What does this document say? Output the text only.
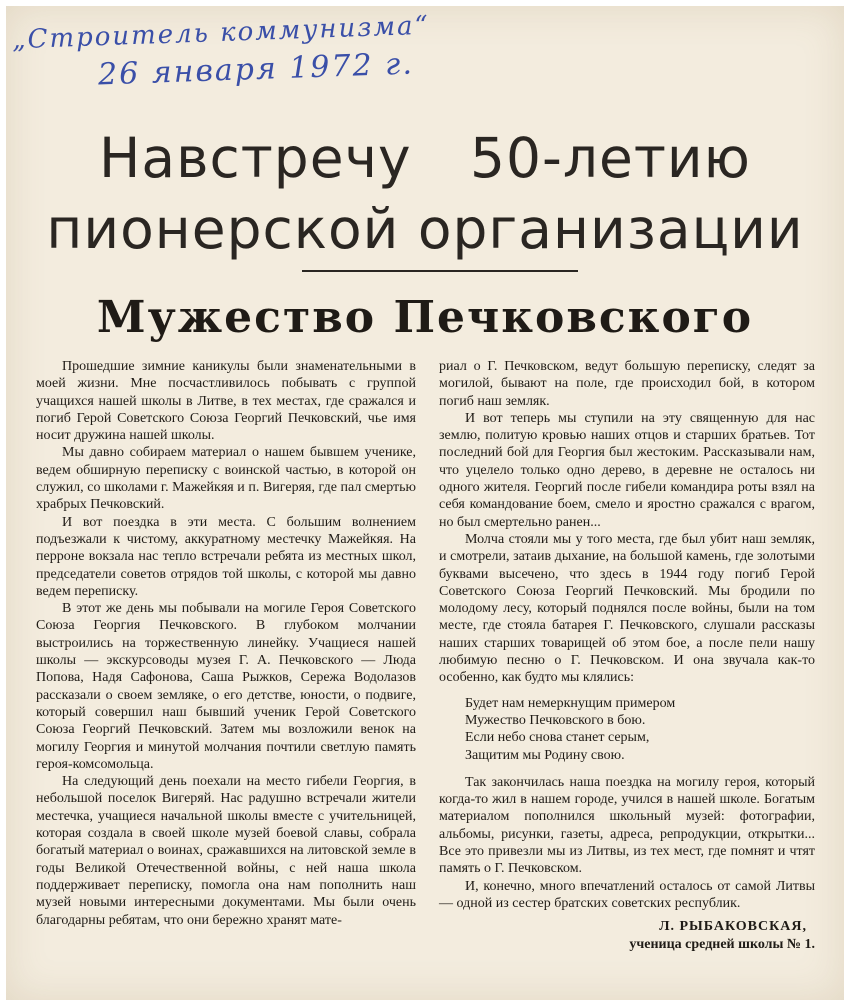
„Строитель коммунизма“
26 января 1972 г.
Навстречу 50-летию
пионерской организации
Мужество Печковского

Прошедшие зимние каникулы были знаменательными в моей жизни. Мне посчастливилось побывать с группой учащихся нашей школы в Литве, в тех местах, где сражался и погиб Герой Советского Союза Георгий Печковский, чье имя носит дружина нашей школы.

Мы давно собираем материал о нашем бывшем ученике, ведем обширную переписку с воинской частью, в которой он служил, со школами г. Мажейкяя и п. Вигеряя, где пал смертью храбрых Печковский.

И вот поездка в эти места. С большим волнением подъезжали к чистому, аккуратному местечку Мажейкяя. На перроне вокзала нас тепло встречали ребята из местных школ, председатели советов отрядов той школы, с которой мы давно ведем переписку.

В этот же день мы побывали на могиле Героя Советского Союза Георгия Печковского. В глубоком молчании выстроились на торжественную линейку. Учащиеся нашей школы — экскурсоводы музея Г. А. Печковского — Люда Попова, Надя Сафонова, Саша Рыжков, Сережа Водолазов рассказали о своем земляке, о его детстве, юности, о подвиге, который совершил наш бывший ученик Герой Советского Союза Георгий Печковский. Затем мы возложили венок на могилу Георгия и минутой молчания почтили светлую память героя-комсомольца.

На следующий день поехали на место гибели Георгия, в небольшой поселок Вигеряй. Нас радушно встречали жители местечка, учащиеся начальной школы вместе с учительницей, которая создала в своей школе музей боевой славы, собрала богатый материал о воинах, сражавшихся на литовской земле в годы Великой Отечественной войны, с ней наша школа поддерживает переписку, помогла она нам пополнить наш музей новыми интересными документами. Мы были очень благодарны ребятам, что они бережно хранят мате-

риал о Г. Печковском, ведут большую переписку, следят за могилой, бывают на поле, где происходил бой, в котором погиб наш земляк.

И вот теперь мы ступили на эту священную для нас землю, политую кровью наших отцов и старших братьев. Тот последний бой для Георгия был жестоким. Рассказывали нам, что уцелело только одно дерево, в деревне не осталось ни одного жителя. Георгий после гибели командира роты взял на себя командование боем, смело и яростно сражался с врагом, но был смертельно ранен...

Молча стояли мы у того места, где был убит наш земляк, и смотрели, затаив дыхание, на большой камень, где золотыми буквами высечено, что здесь в 1944 году погиб Герой Советского Союза Георгий Печковский. Мы бродили по молодому лесу, который поднялся после войны, были на том месте, где стояла батарея Г. Печковского, слушали рассказы наших старших товарищей об этом бое, а после пели нашу любимую песню о Г. Печковском. И она звучала как-то особенно, как будто мы клялись:

Будет нам немеркнущим примером
Мужество Печковского в бою.
Если небо снова станет серым,
Защитим мы Родину свою.

Так закончилась наша поездка на могилу героя, который когда-то жил в нашем городе, учился в нашей школе. Богатым материалом пополнился школьный музей: фотографии, альбомы, рисунки, газеты, адреса, репродукции, открытки... Все это привезли мы из Литвы, из тех мест, где помнят и чтят память о Г. Печковском.

И, конечно, много впечатлений осталось от самой Литвы — одной из сестер братских советских республик.

Л. РЫБАКОВСКАЯ,
ученица средней школы № 1.
